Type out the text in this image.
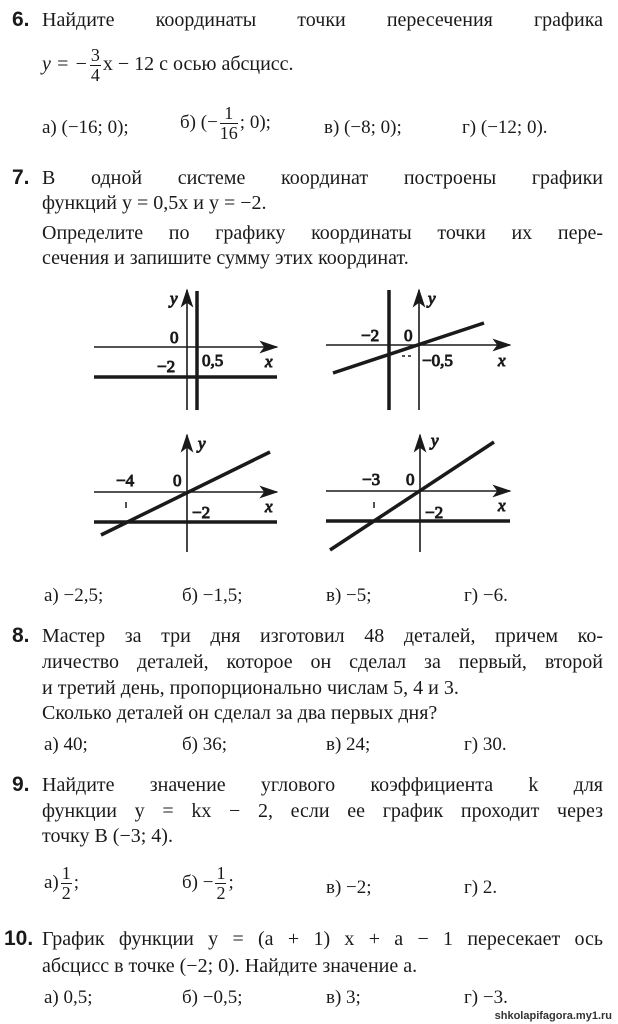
6. Найдите координаты точки пересечения графика
y = − $\frac{3}{4}$ x − 12 с осью абсцисс.
а) (−16; 0);	б) (− $\frac{1}{16}$ ; 0);	в) (−8; 0);	г) (−12; 0).
7. В одной системе координат построены графики
функций y = 0,5x и y = −2.
Определите по графику координаты точки их пере-
сечения и запишите сумму этих координат.
y
0
0,5 x
−2
y
−2 0
−0,5	x
y
−4 0
−2	x
y
−3 0
−2	x
а) −2,5;	б) −1,5;	в) −5;	г) −6.
8. Мастер за три дня изготовил 48 деталей, причем ко-
личество деталей, которое он сделал за первый, второй
и третий день, пропорционально числам 5, 4 и 3.
Сколько деталей он сделал за два первых дня?
а) 40;	б) 36;	в) 24;	г) 30.
9. Найдите значение углового коэффициента k для
функции y = kx − 2, если ее график проходит через
точку B (−3; 4).
$а) \frac{1}{2}$ ;	$б) - \frac{1}{2}$ ;	в) −2;	г) 2.
10. График функции y = (a + 1) x + a − 1 пересекает ось
абсцисс в точке (−2; 0). Найдите значение a.
а) 0,5;	б) −0,5;	в) 3;	г) −3.
shkolapifagora.my1.ru
